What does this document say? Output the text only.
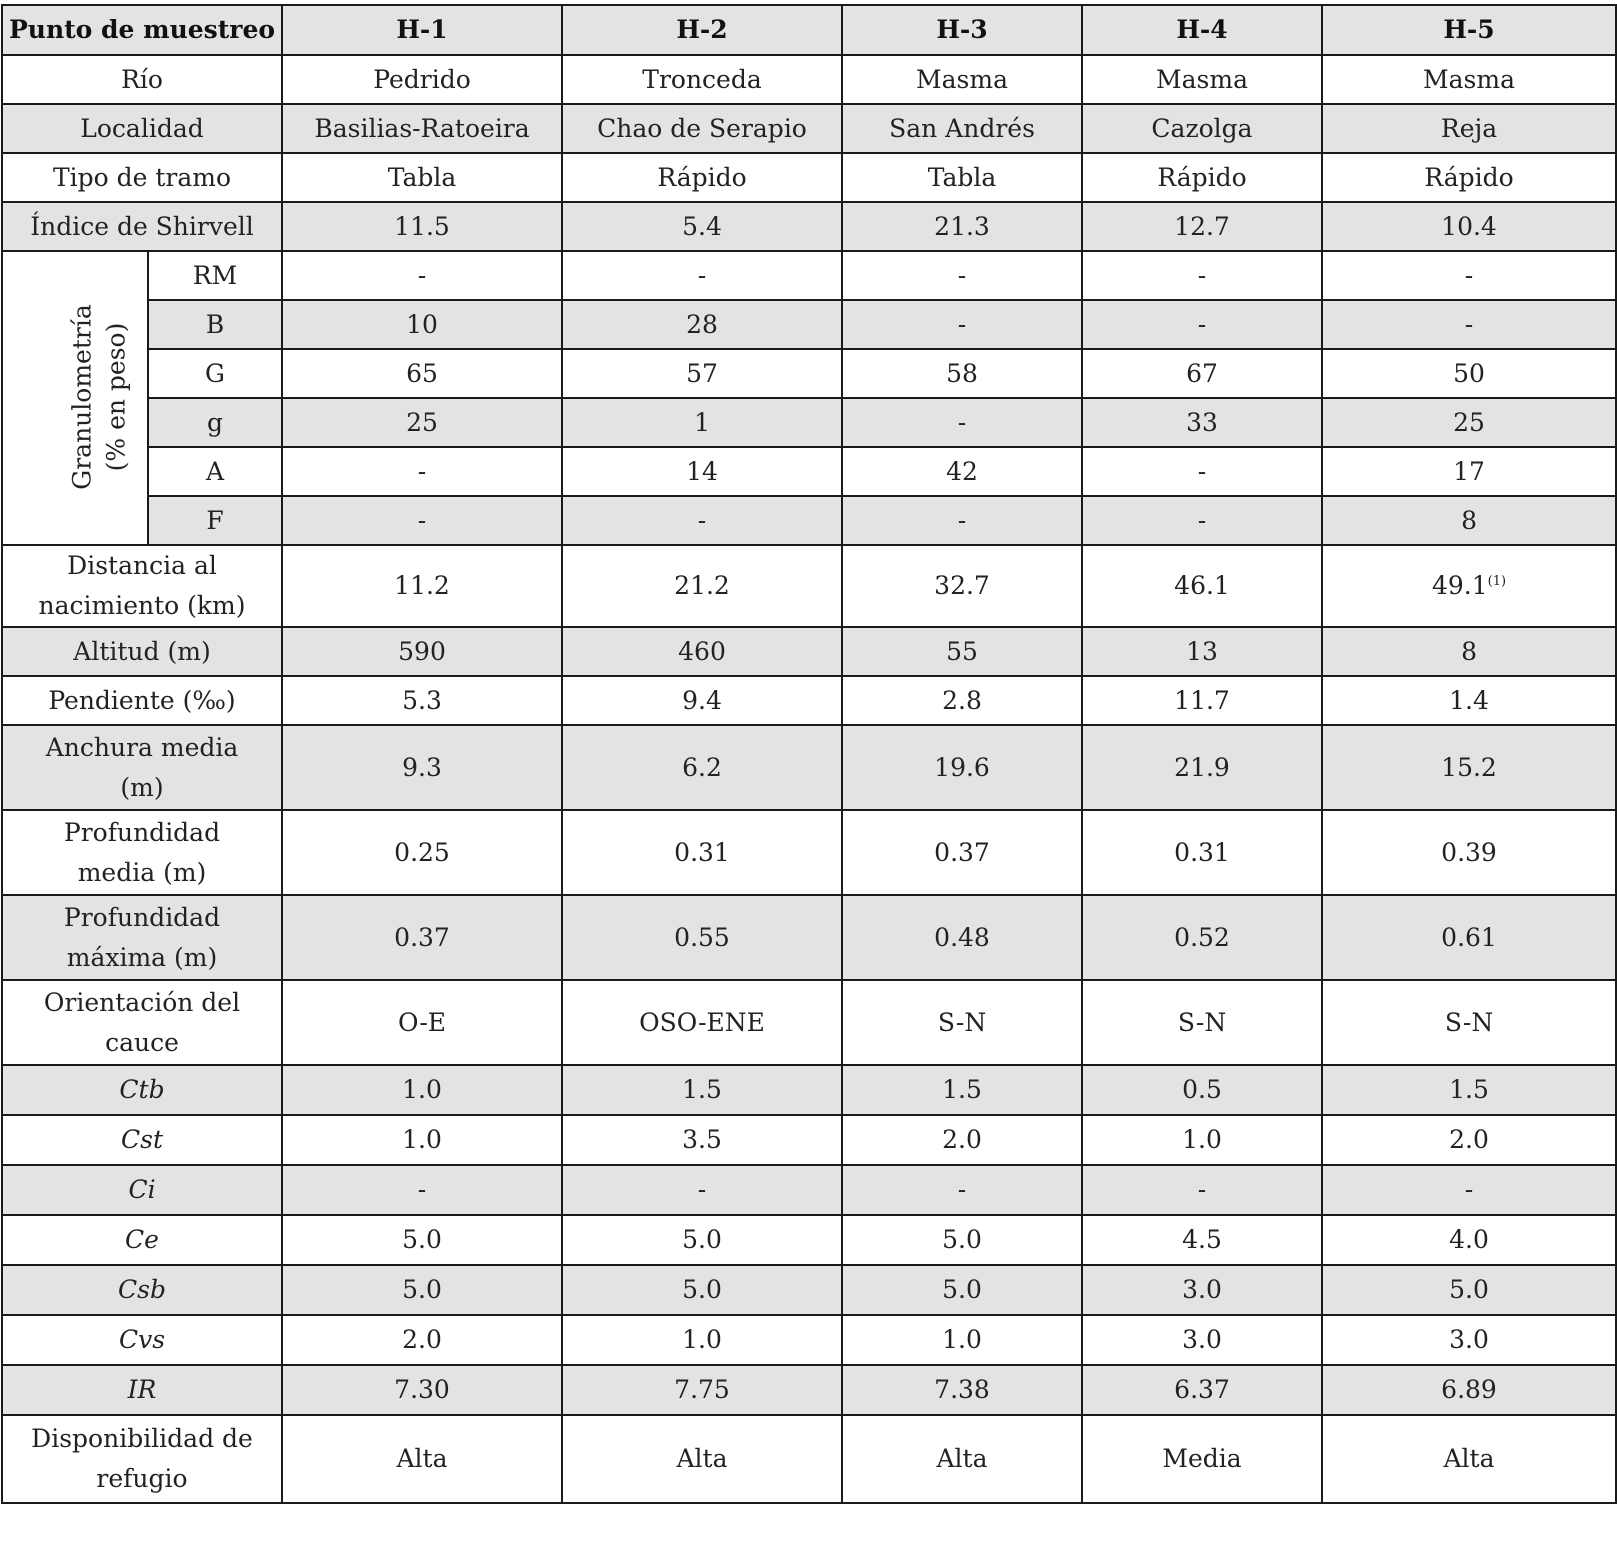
Punto de muestreo		H-1	H-2	H-3	H-4	H-5
Río		Pedrido	Tronceda	Masma	Masma	Masma
Localidad		Basilias-Ratoeira	Chao de Serapio	San Andrés	Cazolga	Reja
Tipo de tramo		Tabla	Rápido	Tabla	Rápido	Rápido
Índice de Shirvell		11.5	5.4	21.3	12.7	10.4

Granulometría (% en peso)	RM	-	-	-	-	-
	B	10	28	-	-	-
	G	65	57	58	67	50
	g	25	1	-	33	25
	A	-	14	42	-	17
	F	-	-	-	-	8

Distancia al
nacimiento (km)		11.2	21.2	32.7	46.1	49.1$^{(1)}$
Altitud (m)		590	460	55	13	8
Pendiente (‰)		5.3	9.4	2.8	11.7	1.4

Anchura media
(m)		9.3	6.2	19.6	21.9	15.2

Profundidad
media (m)		0.25	0.31	0.37	0.31	0.39

Profundidad
máxima (m)		0.37	0.55	0.48	0.52	0.61

Orientación del
cauce		O-E	OSO-ENE	S-N	S-N	S-N
Ctb		1.0	1.5	1.5	0.5	1.5
Cst		1.0	3.5	2.0	1.0	2.0
Ci		-	-	-	-	-
Ce		5.0	5.0	5.0	4.5	4.0
Csb		5.0	5.0	5.0	3.0	5.0
Cvs		2.0	1.0	1.0	3.0	3.0
IR		7.30	7.75	7.38	6.37	6.89

Disponibilidad de
refugio		Alta	Alta	Alta	Media	Alta
